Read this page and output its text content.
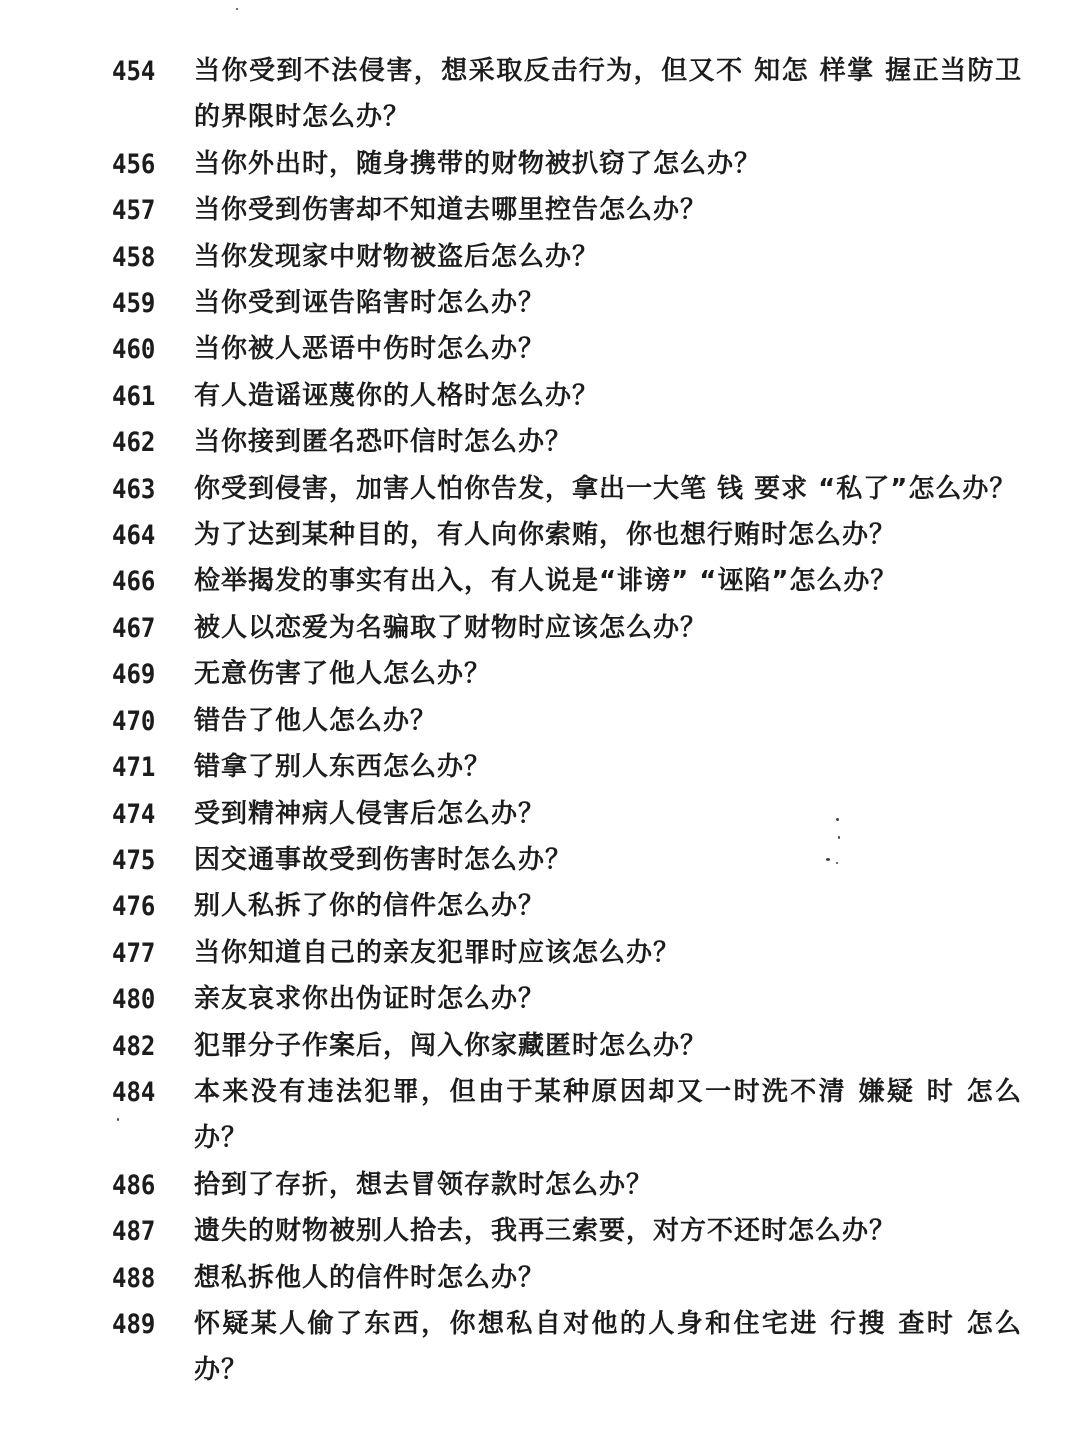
454	当你受到不法侵害，想采取反击行为，但又不 知怎 样掌 握正当防卫的界限时怎么办？
456	当你外出时，随身携带的财物被扒窃了怎么办？
457	当你受到伤害却不知道去哪里控告怎么办？
458	当你发现家中财物被盗后怎么办？
459	当你受到诬告陷害时怎么办？
460	当你被人恶语中伤时怎么办？
461	有人造谣诬蔑你的人格时怎么办？
462	当你接到匿名恐吓信时怎么办？
463	你受到侵害，加害人怕你告发，拿出一大笔 钱 要求 “私了”怎么办？
464	为了达到某种目的，有人向你索贿，你也想行贿时怎么办？
466	检举揭发的事实有出入，有人说是“诽谤” “诬陷”怎么办？
467	被人以恋爱为名骗取了财物时应该怎么办？
469	无意伤害了他人怎么办？
470	错告了他人怎么办？
471	错拿了别人东西怎么办？
474	受到精神病人侵害后怎么办？
475	因交通事故受到伤害时怎么办？
476	别人私拆了你的信件怎么办？
477	当你知道自己的亲友犯罪时应该怎么办？
480	亲友哀求你出伪证时怎么办？
482	犯罪分子作案后，闯入你家藏匿时怎么办？
484	本来没有违法犯罪，但由于某种原因却又一时洗不清 嫌疑 时 怎么办？
486	拾到了存折，想去冒领存款时怎么办？
487	遗失的财物被别人拾去，我再三索要，对方不还时怎么办？
488	想私拆他人的信件时怎么办？
489	怀疑某人偷了东西，你想私自对他的人身和住宅进 行搜 查时 怎么办？
